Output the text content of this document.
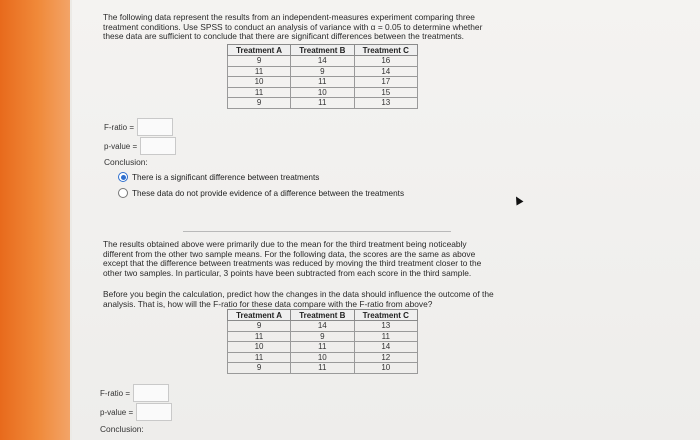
The following data represent the results from an independent-measures experiment comparing three
treatment conditions. Use SPSS to conduct an analysis of variance with α = 0.05 to determine whether
these data are sufficient to conclude that there are significant differences between the treatments.
Treatment A	Treatment B	Treatment C
9	14	16
11	9	14
10	11	17
11	10	15
9	11	13
F-ratio =
p-value =
Conclusion:
There is a significant difference between treatments
These data do not provide evidence of a difference between the treatments
The results obtained above were primarily due to the mean for the third treatment being noticeably
different from the other two sample means. For the following data, the scores are the same as above
except that the difference between treatments was reduced by moving the third treatment closer to the
other two samples. In particular, 3 points have been subtracted from each score in the third sample.
Before you begin the calculation, predict how the changes in the data should influence the outcome of the
analysis. That is, how will the F-ratio for these data compare with the F-ratio from above?
Treatment A	Treatment B	Treatment C
9	14	13
11	9	11
10	11	14
11	10	12
9	11	10
F-ratio =
p-value =
Conclusion:
